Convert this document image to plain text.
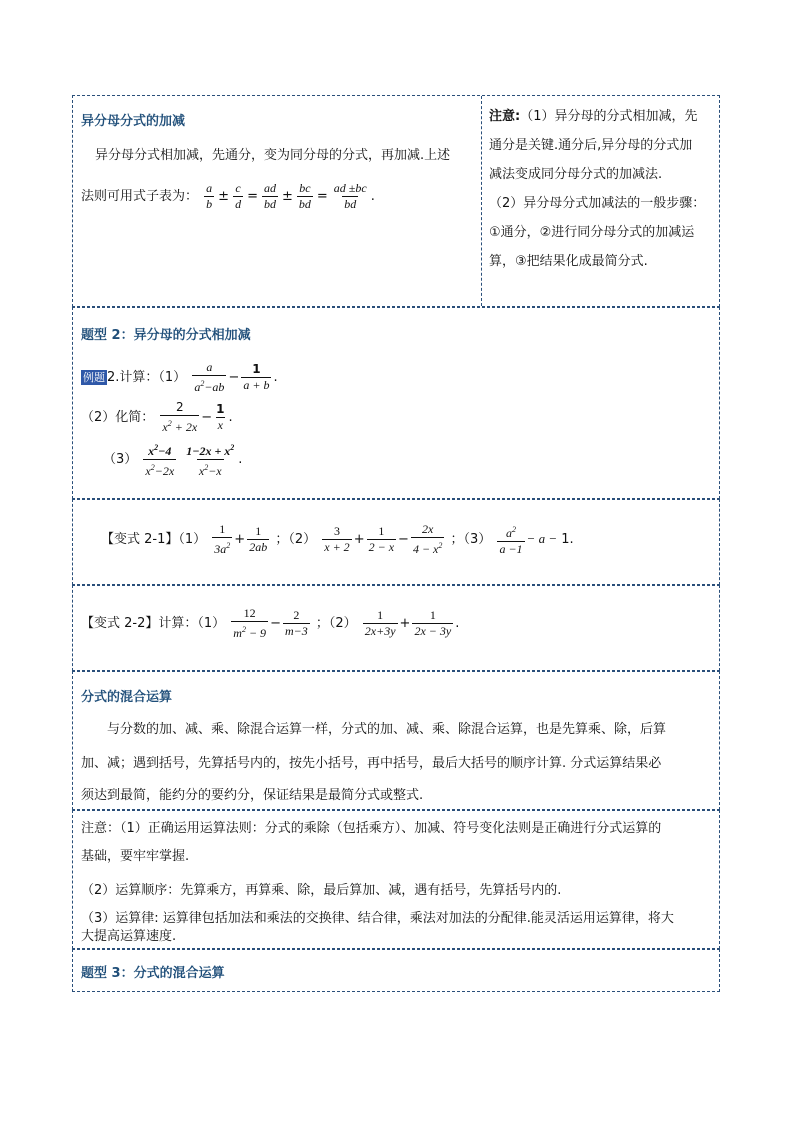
异分母分式的加减
异分母分式相加减，先通分，变为同分母的分式，再加减.上述
法则可用式子表为： $\frac{a}{b} \pm \frac{c}{d} = \frac{ad}{bd} \pm \frac{bc}{bd} = \frac{ad \pm bc}{bd}$ .
注意:（1）异分母的分式相加减，先
通分是关键.通分后,异分母的分式加
减法变成同分母分式的加减法.
（2）异分母分式加减法的一般步骤：
①通分，②进行同分母分式的加减运
算，③把结果化成最简分式.
题型 2：异分母的分式相加减
例题 2.计算：$(1) \frac{a}{a^2-ab} - \frac{1}{a + b}$ .
（2）化简： $\frac{2}{x^2 + 2x} - \frac{1}{x}$ .
$(3) \frac{x^2-4}{x^2-2x} \frac{1-2x + x^2}{x^2-x}$ .
【变式 2-1】$(1) \frac{1}{3a^2} + \frac{1}{2ab}$ ；$(2) \frac{3}{x + 2} + \frac{1}{2 - x} - \frac{2x}{4 - x^2}$ ；$(3) \frac{a^2}{a -1} - a - 1$.
【变式 2-2】计算：$(1) \frac{12}{m^2 - 9} - \frac{2}{m-3}$ ；$(2) \frac{1}{2x+3y} + \frac{1}{2x - 3y}$ .
分式的混合运算
与分数的加、减、乘、除混合运算一样，分式的加、减、乘、除混合运算，也是先算乘、除，后算
加、减；遇到括号，先算括号内的，按先小括号，再中括号，最后大括号的顺序计算. 分式运算结果必
须达到最简，能约分的要约分，保证结果是最简分式或整式.
注意：（1）正确运用运算法则：分式的乘除（包括乘方）、加减、符号变化法则是正确进行分式运算的
基础，要牢牢掌握.
（2）运算顺序：先算乘方，再算乘、除，最后算加、减，遇有括号，先算括号内的.
（3）运算律: 运算律包括加法和乘法的交换律、结合律，乘法对加法的分配律.能灵活运用运算律，将大
大提高运算速度.
题型 3：分式的混合运算
